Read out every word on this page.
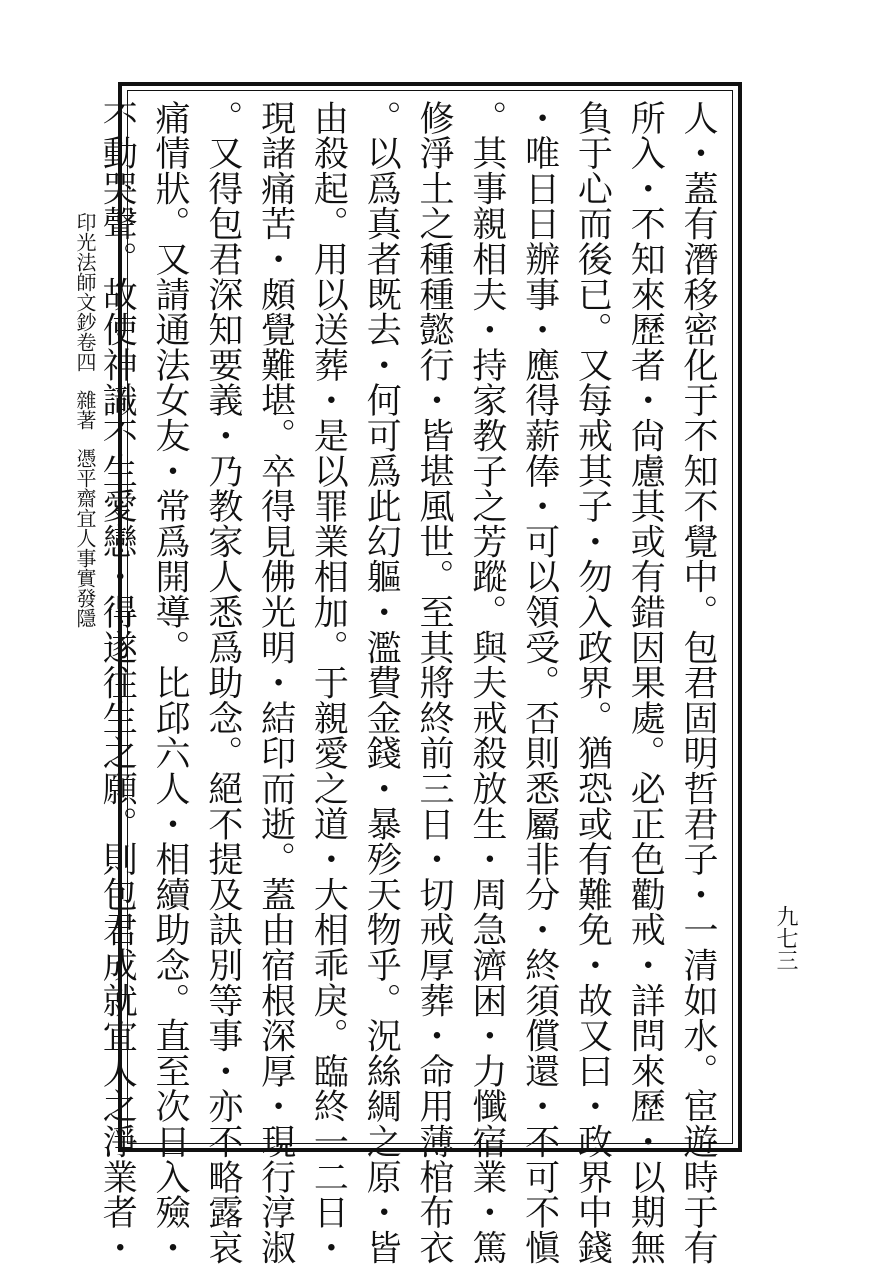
人・蓋有潛移密化于不知不覺中。包君固明哲君子・一清如水。宦遊時于有
所入・不知來歷者・尙慮其或有錯因果處。必正色勸戒・詳問來歷・以期無
負于心而後已。又每戒其子・勿入政界。猶恐或有難免・故又曰・政界中錢
・唯日日辦事・應得薪俸・可以領受。否則悉屬非分・終須償還・不可不愼
。其事親相夫・持家教子之芳蹤。與夫戒殺放生・周急濟困・力懺宿業・篤
修淨土之種種懿行・皆堪風世。至其將終前三日・切戒厚葬・命用薄棺布衣
。以爲真者既去・何可爲此幻軀・濫費金錢・暴殄天物乎。況絲綢之原・皆
由殺起。用以送葬・是以罪業相加。于親愛之道・大相乖戾。臨終一二日・
現諸痛苦・頗覺難堪。卒得見佛光明・結印而逝。蓋由宿根深厚・現行淳淑
。又得包君深知要義・乃教家人悉爲助念。絕不提及訣別等事・亦不略露哀
痛情狀。又請通法女友・常爲開導。比邱六人・相續助念。直至次日入殮・
不動哭聲。故使神識不生愛戀・得遂往生之願。則包君成就宜人之淨業者・
印光法師文鈔卷四雜著憑平齋宜人事實發隱
九七三
